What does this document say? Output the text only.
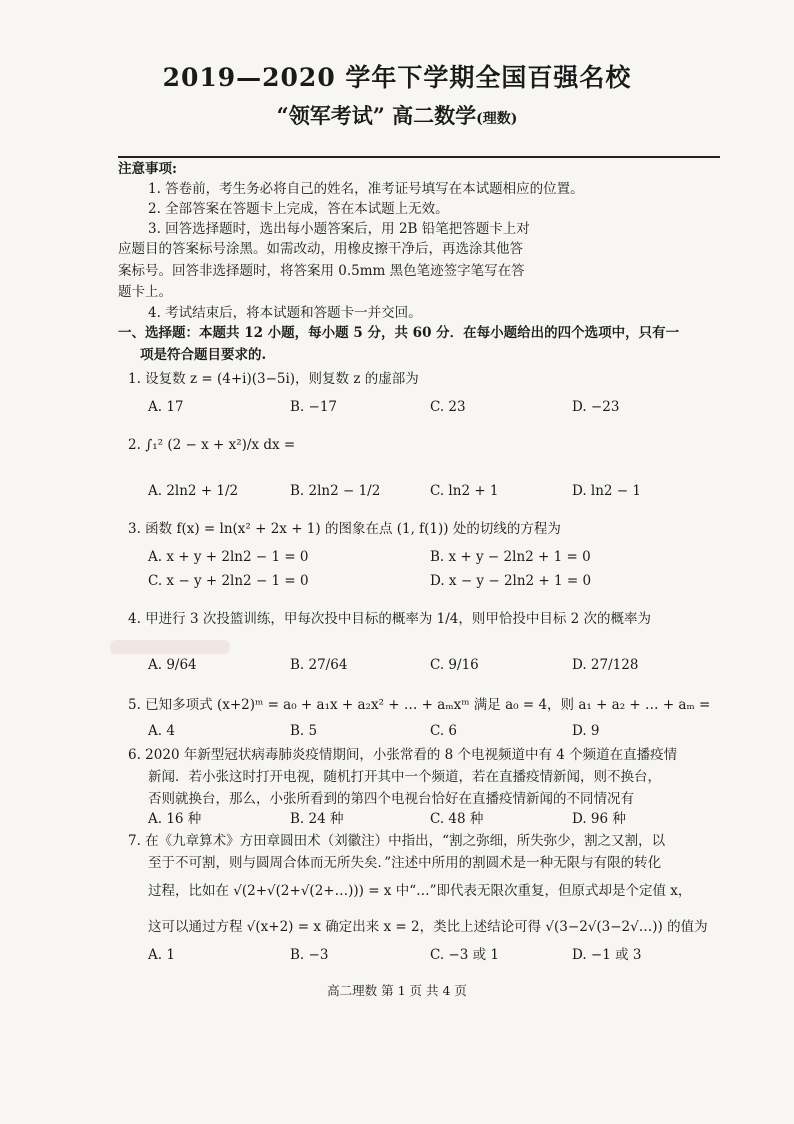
2019—2020 学年下学期全国百强名校
“领军考试” 高二数学(理数)
注意事项:
1. 答卷前，考生务必将自己的姓名，准考证号填写在本试题相应的位置。
2. 全部答案在答题卡上完成，答在本试题上无效。
3. 回答选择题时，选出每小题答案后，用 2B 铅笔把答题卡上对
应题目的答案标号涂黑。如需改动，用橡皮擦干净后，再选涂其他答
案标号。回答非选择题时，将答案用 0.5mm 黑色笔迹签字笔写在答
题卡上。
4. 考试结束后，将本试题和答题卡一并交回。
一、选择题：本题共 12 小题，每小题 5 分，共 60 分．在每小题给出的四个选项中，只有一
项是符合题目要求的.
1. 设复数 z = (4+i)(3−5i)，则复数 z 的虚部为
A. 17	B. −17	C. 23	D. −23
2. ∫₁² (2 − x + x²)/x dx =
A. 2ln2 + 1/2	B. 2ln2 − 1/2	C. ln2 + 1	D. ln2 − 1
3. 函数 f(x) = ln(x² + 2x + 1) 的图象在点 (1, f(1)) 处的切线的方程为
A. x + y + 2ln2 − 1 = 0	B. x + y − 2ln2 + 1 = 0
C. x − y + 2ln2 − 1 = 0	D. x − y − 2ln2 + 1 = 0
4. 甲进行 3 次投篮训练，甲每次投中目标的概率为 1/4，则甲恰投中目标 2 次的概率为
A. 9/64	B. 27/64	C. 9/16	D. 27/128
5. 已知多项式 (x+2)ᵐ = a₀ + a₁x + a₂x² + … + aₘxᵐ 满足 a₀ = 4，则 a₁ + a₂ + … + aₘ =
A. 4	B. 5	C. 6	D. 9
6. 2020 年新型冠状病毒肺炎疫情期间，小张常看的 8 个电视频道中有 4 个频道在直播疫情
新闻．若小张这时打开电视，随机打开其中一个频道，若在直播疫情新闻，则不换台，
否则就换台，那么，小张所看到的第四个电视台恰好在直播疫情新闻的不同情况有
A. 16 种	B. 24 种	C. 48 种	D. 96 种
7. 在《九章算术》方田章圆田术（刘徽注）中指出，“割之弥细，所失弥少，割之又割，以
至于不可割，则与圆周合体而无所失矣．”注述中所用的割圆术是一种无限与有限的转化
过程，比如在 √(2+√(2+√(2+…))) = x 中“…”即代表无限次重复，但原式却是个定值 x，
这可以通过方程 √(x+2) = x 确定出来 x = 2，类比上述结论可得 √(3−2√(3−2√…)) 的值为
A. 1	B. −3	C. −3 或 1	D. −1 或 3
高二理数 第 1 页 共 4 页
